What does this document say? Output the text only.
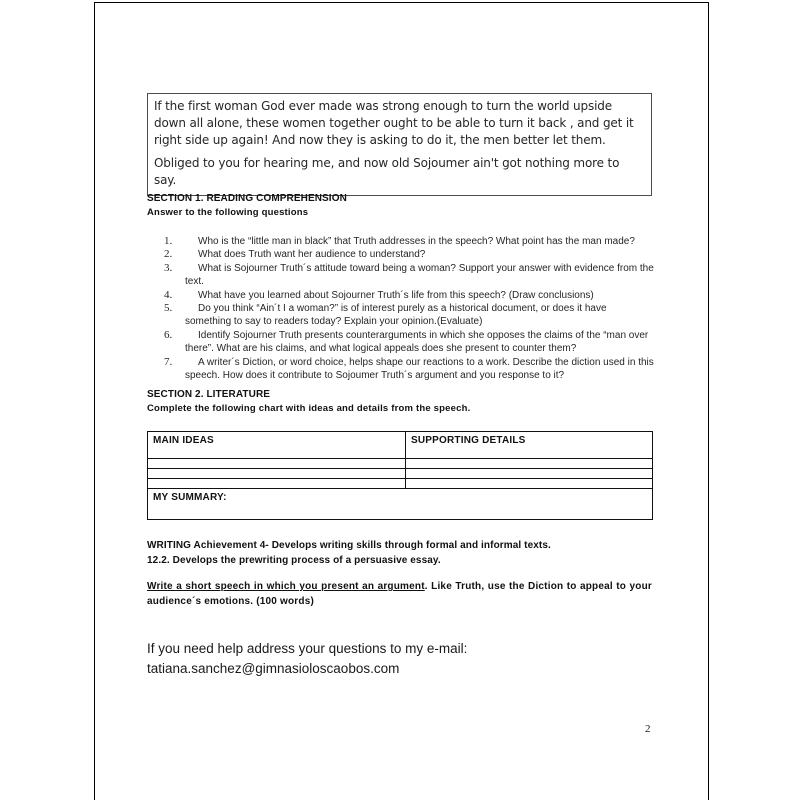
If the first woman God ever made was strong enough to turn the world upside down all alone, these women together ought to be able to turn it back , and get it right side up again! And now they is asking to do it, the men better let them.

Obliged to you for hearing me, and now old Sojoumer ain't got nothing more to say.

SECTION 1. READING COMPREHENSION
Answer to the following questions
1.	Who is the “little man in black” that Truth addresses in the speech? What point has the man made?
2.	What does Truth want her audience to understand?
3.	What is Sojourner Truth´s attitude toward being a woman? Support your answer with evidence from the text.
4.	What have you learned about Sojourner Truth´s life from this speech? (Draw conclusions)
5.	Do you think “Ain´t I a woman?” is of interest purely as a historical document, or does it have something to say to readers today? Explain your opinion.(Evaluate)
6.	Identify Sojourner Truth presents counterarguments in which she opposes the claims of the “man over there”. What are his claims, and what logical appeals does she present to counter them?
7.	A writer´s Diction, or word choice, helps shape our reactions to a work. Describe the diction used in this speech. How does it contribute to Sojoumer Truth´s argument and you response to it?
SECTION 2. LITERATURE
Complete the following chart with ideas and details from the speech.
MAIN IDEAS	SUPPORTING DETAILS

MY SUMMARY:	
WRITING Achievement 4- Develops writing skills through formal and informal texts.
12.2. Develops the prewriting process of a persuasive essay.
Write a short speech in which you present an argument. Like Truth, use the Diction to appeal to your audience´s emotions. (100 words)
If you need help address your questions to my e-mail:
tatiana.sanchez@gimnasioloscaobos.com
2
